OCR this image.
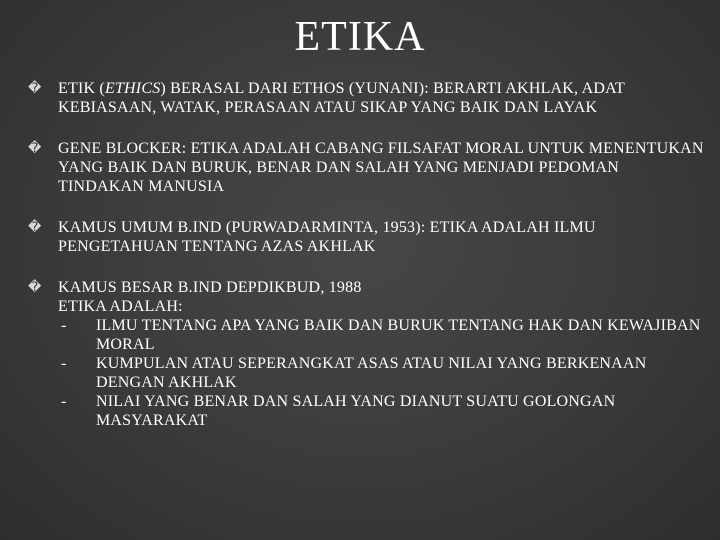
ETIKA
� ETIK (ETHICS) BERASAL DARI ETHOS (YUNANI): BERARTI AKHLAK, ADAT KEBIASAAN, WATAK, PERASAAN ATAU SIKAP YANG BAIK DAN LAYAK
� GENE BLOCKER: ETIKA ADALAH CABANG FILSAFAT MORAL UNTUK MENENTUKAN YANG BAIK DAN BURUK, BENAR DAN SALAH YANG MENJADI PEDOMAN TINDAKAN MANUSIA
� KAMUS UMUM B.IND (PURWADARMINTA, 1953): ETIKA ADALAH ILMU PENGETAHUAN TENTANG AZAS AKHLAK
� KAMUS BESAR B.IND DEPDIKBUD, 1988
ETIKA ADALAH:
- ILMU TENTANG APA YANG BAIK DAN BURUK TENTANG HAK DAN KEWAJIBAN MORAL
- KUMPULAN ATAU SEPERANGKAT ASAS ATAU NILAI YANG BERKENAAN DENGAN AKHLAK
- NILAI YANG BENAR DAN SALAH YANG DIANUT SUATU GOLONGAN MASYARAKAT
